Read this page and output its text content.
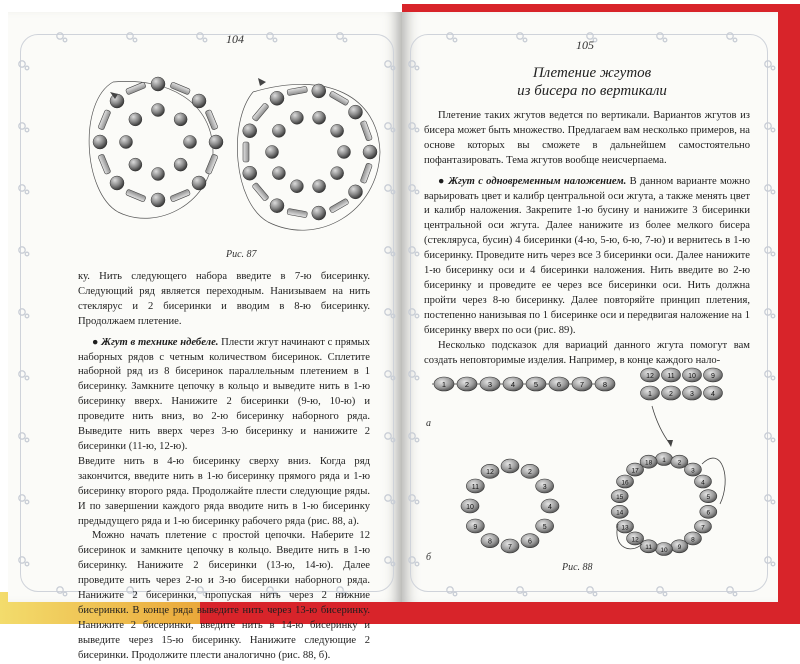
104
Рис. 87

ку. Нить следующего набора введите в 7-ю бисеринку. Следующий ряд является переходным. Нанизываем на нить стеклярус и 2 бисеринки и вводим в 8-ю бисеринку. Продолжаем плетение.

● Жгут в технике ндебеле. Плести жгут начинают с прямых наборных рядов с четным количеством бисеринок. Сплетите наборной ряд из 8 бисеринок параллельным плетением в 1 бисеринку. Замкните цепочку в кольцо и выведите нить в 1-ю бисеринку вверх. Нанижите 2 бисеринки (9-ю, 10-ю) и проведите нить вниз, во 2-ю бисеринку наборного ряда. Выведите нить вверх через 3-ю бисеринку и нанижите 2 бисеринки (11-ю, 12-ю).

Введите нить в 4-ю бисеринку сверху вниз. Когда ряд закончится, введите нить в 1-ю бисеринку прямого ряда и 1-ю бисеринку второго ряда. Продолжайте плести следующие ряды. И по завершении каждого ряда вводите нить в 1-ю бисеринку предыдущего ряда и 1-ю бисеринку рабочего ряда (рис. 88, а).

Можно начать плетение с простой цепочки. Наберите 12 бисеринок и замкните цепочку в кольцо. Введите нить в 1-ю бисеринку. Нанижите 2 бисеринки (13-ю, 14-ю). Далее проведите нить через 2-ю и 3-ю бисеринки наборного ряда. Нанижите 2 бисеринки, пропуская нить через 2 нижние бисеринки. В конце ряда выведите нить через 13-ю бисеринку. Нанижите 2 бисеринки, введите нить в 14-ю бисеринку и выведите через 15-ю бисеринку. Нанижите следующие 2 бисеринки. Продолжите плести аналогично (рис. 88, б).

105
Плетение жгутов
из бисера по вертикали

Плетение таких жгутов ведется по вертикали. Вариантов жгутов из бисера может быть множество. Предлагаем вам несколько примеров, на основе которых вы сможете в дальнейшем самостоятельно пофантазировать. Тема жгутов вообще неисчерпаема.

● Жгут с одновременным наложением. В данном варианте можно варьировать цвет и калибр центральной оси жгута, а также менять цвет и калибр наложения. Закрепите 1-ю бусину и нанижите 3 бисеринки центральной оси жгута. Далее нанижите из более мелкого бисера (стекляруса, бусин) 4 бисеринки (4-ю, 5-ю, 6-ю, 7-ю) и вернитесь в 1-ю бисеринку. Проведите нить через все 3 бисеринки оси. Далее нанижите 1-ю бисеринку оси и 4 бисеринки наложения. Нить введите во 2-ю бисеринку и проведите ее через все бисеринки оси. Нить должна пройти через 8-ю бисеринку. Далее повторяйте принцип плетения, постепенно нанизывая по 1 бисеринке оси и передвигая наложение на 1 бисеринку вверх по оси (рис. 89).

Несколько подсказок для вариаций данного жгута помогут вам создать неповторимые изделия. Например, в конце каждого нало-

1	2	3	4	5	6	7	8
12 11 10 9
1 2 3 4
1
2
3
4
5
6
7
8
9
10
11
12
1 2
3
4
5
6
7
8
9
10
11
12
13
14
15
16
17
18
а
б
Рис. 88
